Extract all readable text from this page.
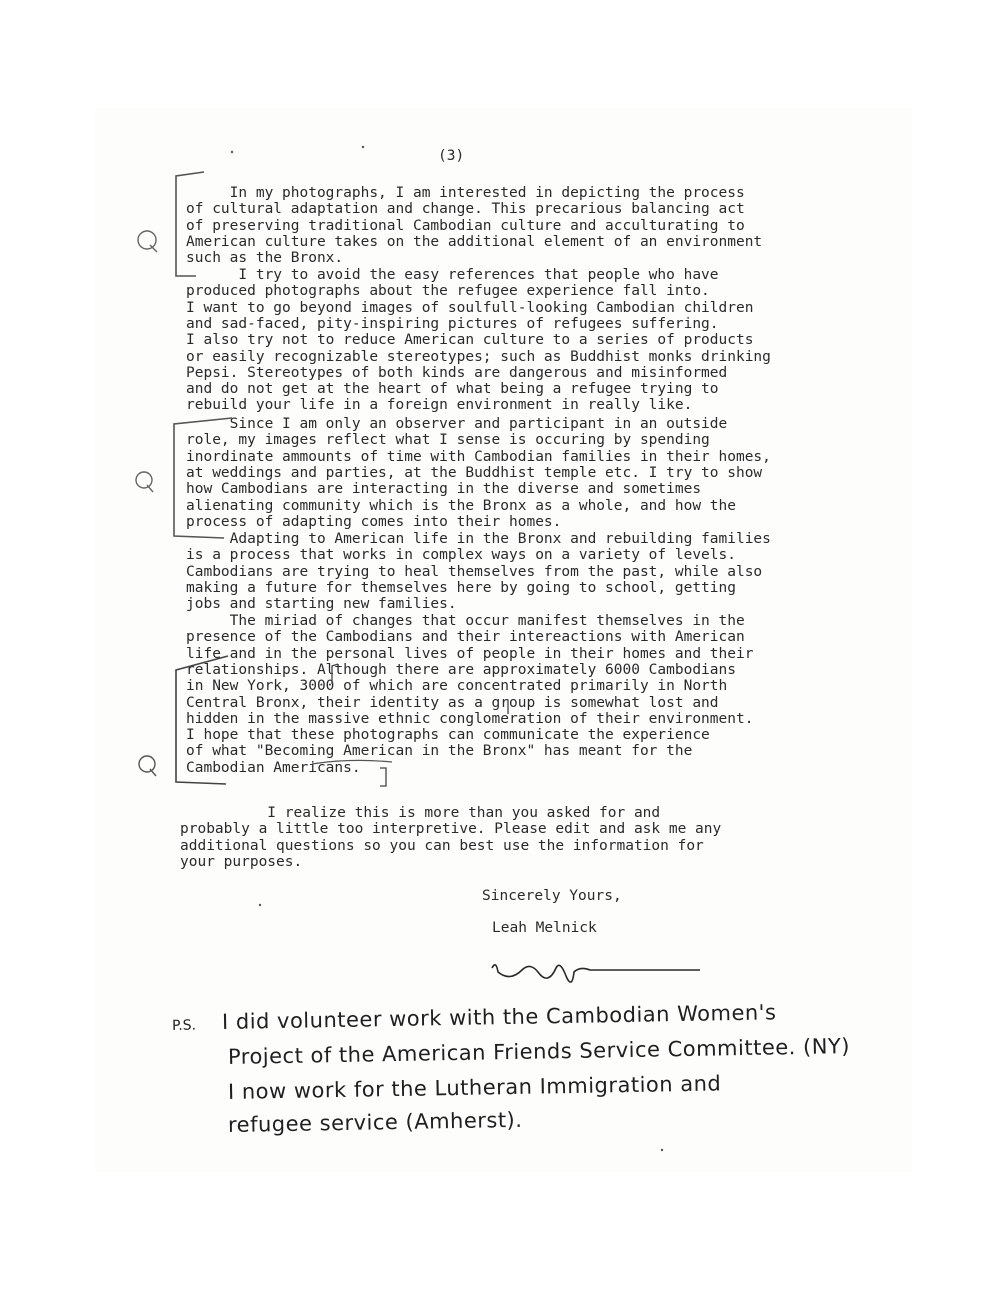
(3)
In my photographs, I am interested in depicting the process
of cultural adaptation and change. This precarious balancing act
of preserving traditional Cambodian culture and acculturating to
American culture takes on the additional element of an environment
such as the Bronx.
I try to avoid the easy references that people who have
produced photographs about the refugee experience fall into.
I want to go beyond images of soulfull-looking Cambodian children
and sad-faced, pity-inspiring pictures of refugees suffering.
I also try not to reduce American culture to a series of products
or easily recognizable stereotypes; such as Buddhist monks drinking
Pepsi. Stereotypes of both kinds are dangerous and misinformed
and do not get at the heart of what being a refugee trying to
rebuild your life in a foreign environment in really like.
Since I am only an observer and participant in an outside
role, my images reflect what I sense is occuring by spending
inordinate ammounts of time with Cambodian families in their homes,
at weddings and parties, at the Buddhist temple etc. I try to show
how Cambodians are interacting in the diverse and sometimes
alienating community which is the Bronx as a whole, and how the
process of adapting comes into their homes.
Adapting to American life in the Bronx and rebuilding families
is a process that works in complex ways on a variety of levels.
Cambodians are trying to heal themselves from the past, while also
making a future for themselves here by going to school, getting
jobs and starting new families.
The miriad of changes that occur manifest themselves in the
presence of the Cambodians and their intereactions with American
life and in the personal lives of people in their homes and their
relationships. Although there are approximately 6000 Cambodians
in New York, 3000 of which are concentrated primarily in North
Central Bronx, their identity as a group is somewhat lost and
hidden in the massive ethnic conglomeration of their environment.
I hope that these photographs can communicate the experience
of what "Becoming American in the Bronx" has meant for the
Cambodian Americans.
I realize this is more than you asked for and
probably a little too interpretive. Please edit and ask me any
additional questions so you can best use the information for
your purposes.
Sincerely Yours,
Leah Melnick
P.S. I did volunteer work with the Cambodian Women's
Project of the American Friends Service Committee. (NY)
I now work for the Lutheran Immigration and
refugee service (Amherst).
